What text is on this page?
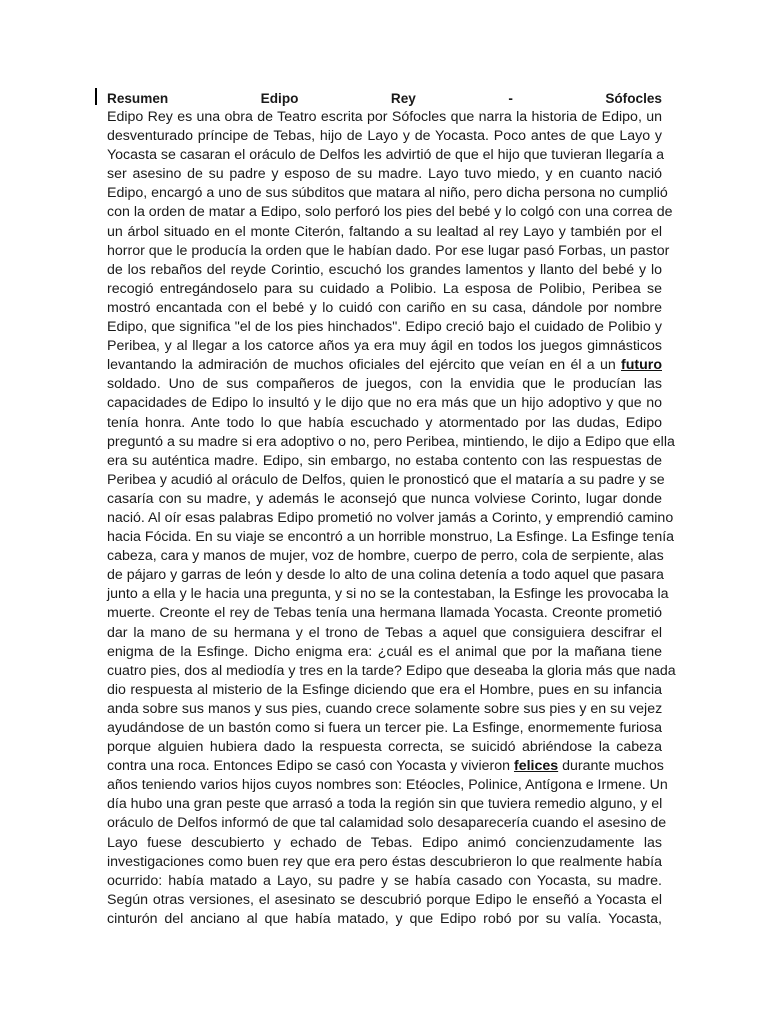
Resumen	Edipo	Rey	-	Sófocles
Edipo Rey es una obra de Teatro escrita por Sófocles que narra la historia de Edipo, un
desventurado príncipe de Tebas, hijo de Layo y de Yocasta. Poco antes de que Layo y
Yocasta se casaran el oráculo de Delfos les advirtió de que el hijo que tuvieran llegaría a
ser asesino de su padre y esposo de su madre. Layo tuvo miedo, y en cuanto nació
Edipo, encargó a uno de sus súbditos que matara al niño, pero dicha persona no cumplió
con la orden de matar a Edipo, solo perforó los pies del bebé y lo colgó con una correa de
un árbol situado en el monte Citerón, faltando a su lealtad al rey Layo y también por el
horror que le producía la orden que le habían dado. Por ese lugar pasó Forbas, un pastor
de los rebaños del reyde Corintio, escuchó los grandes lamentos y llanto del bebé y lo
recogió entregándoselo para su cuidado a Polibio. La esposa de Polibio, Peribea se
mostró encantada con el bebé y lo cuidó con cariño en su casa, dándole por nombre
Edipo, que significa "el de los pies hinchados". Edipo creció bajo el cuidado de Polibio y
Peribea, y al llegar a los catorce años ya era muy ágil en todos los juegos gimnásticos
levantando la admiración de muchos oficiales del ejército que veían en él a un futuro
soldado. Uno de sus compañeros de juegos, con la envidia que le producían las
capacidades de Edipo lo insultó y le dijo que no era más que un hijo adoptivo y que no
tenía honra. Ante todo lo que había escuchado y atormentado por las dudas, Edipo
preguntó a su madre si era adoptivo o no, pero Peribea, mintiendo, le dijo a Edipo que ella
era su auténtica madre. Edipo, sin embargo, no estaba contento con las respuestas de
Peribea y acudió al oráculo de Delfos, quien le pronosticó que el mataría a su padre y se
casaría con su madre, y además le aconsejó que nunca volviese Corinto, lugar donde
nació. Al oír esas palabras Edipo prometió no volver jamás a Corinto, y emprendió camino
hacia Fócida. En su viaje se encontró a un horrible monstruo, La Esfinge. La Esfinge tenía
cabeza, cara y manos de mujer, voz de hombre, cuerpo de perro, cola de serpiente, alas
de pájaro y garras de león y desde lo alto de una colina detenía a todo aquel que pasara
junto a ella y le hacia una pregunta, y si no se la contestaban, la Esfinge les provocaba la
muerte. Creonte el rey de Tebas tenía una hermana llamada Yocasta. Creonte prometió
dar la mano de su hermana y el trono de Tebas a aquel que consiguiera descifrar el
enigma de la Esfinge. Dicho enigma era: ¿cuál es el animal que por la mañana tiene
cuatro pies, dos al mediodía y tres en la tarde? Edipo que deseaba la gloria más que nada
dio respuesta al misterio de la Esfinge diciendo que era el Hombre, pues en su infancia
anda sobre sus manos y sus pies, cuando crece solamente sobre sus pies y en su vejez
ayudándose de un bastón como si fuera un tercer pie. La Esfinge, enormemente furiosa
porque alguien hubiera dado la respuesta correcta, se suicidó abriéndose la cabeza
contra una roca. Entonces Edipo se casó con Yocasta y vivieron felices durante muchos
años teniendo varios hijos cuyos nombres son: Etéocles, Polinice, Antígona e Irmene. Un
día hubo una gran peste que arrasó a toda la región sin que tuviera remedio alguno, y el
oráculo de Delfos informó de que tal calamidad solo desaparecería cuando el asesino de
Layo fuese descubierto y echado de Tebas. Edipo animó concienzudamente las
investigaciones como buen rey que era pero éstas descubrieron lo que realmente había
ocurrido: había matado a Layo, su padre y se había casado con Yocasta, su madre.
Según otras versiones, el asesinato se descubrió porque Edipo le enseñó a Yocasta el
cinturón del anciano al que había matado, y que Edipo robó por su valía. Yocasta,
